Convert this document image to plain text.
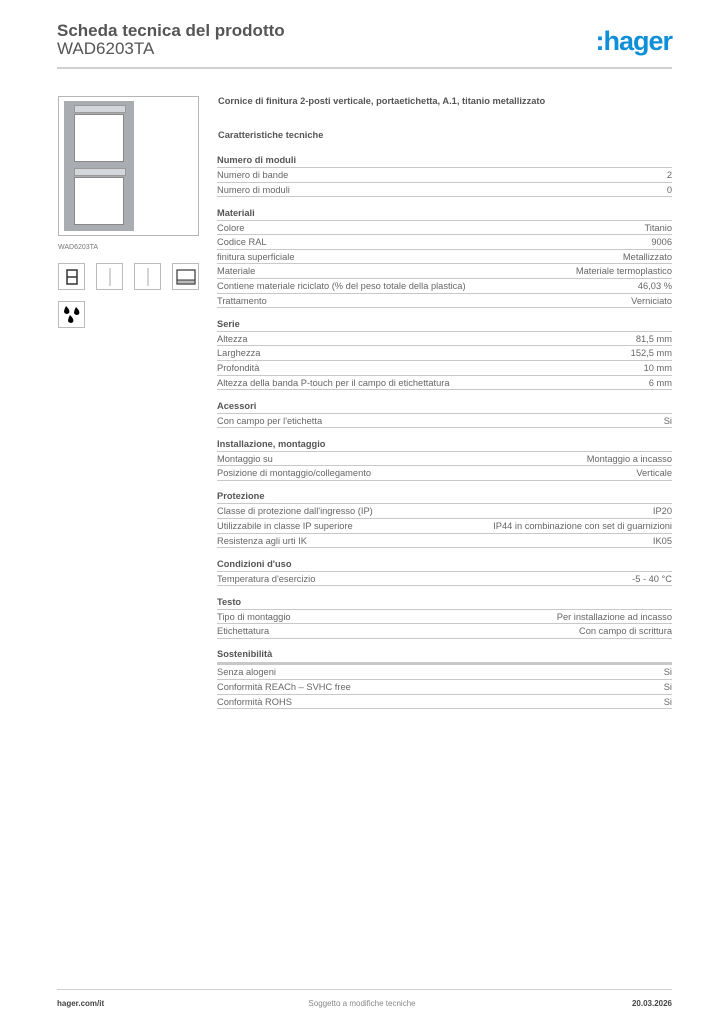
Scheda tecnica del prodotto
WAD6203TA	:hager
WAD6203TA
Cornice di finitura 2-posti verticale, portaetichetta, A.1, titanio metallizzato
Caratteristiche tecniche
Numero di moduli
Numero di bande	2
Numero di moduli	0
Materiali
Colore	Titanio
Codice RAL	9006
finitura superficiale	Metallizzato
Materiale	Materiale termoplastico
Contiene materiale riciclato (% del peso totale della plastica)	46,03 %
Trattamento	Verniciato
Serie
Altezza	81,5 mm
Larghezza	152,5 mm
Profondità	10 mm
Altezza della banda P-touch per il campo di etichettatura	6 mm
Acessori
Con campo per l'etichetta	Si
Installazione, montaggio
Montaggio su	Montaggio a incasso
Posizione di montaggio/collegamento	Verticale
Protezione
Classe di protezione dall'ingresso (IP)	IP20
Utilizzabile in classe IP superiore	IP44 in combinazione con set di guarnizioni
Resistenza agli urti IK	IK05
Condizioni d'uso
Temperatura d'esercizio	-5 - 40 °C
Testo
Tipo di montaggio	Per installazione ad incasso
Etichettatura	Con campo di scrittura
Sostenibilità
Senza alogeni	Si
Conformità REACh – SVHC free	Si
Conformità ROHS	Si
hager.com/it	Soggetto a modifiche tecniche	20.03.2026
